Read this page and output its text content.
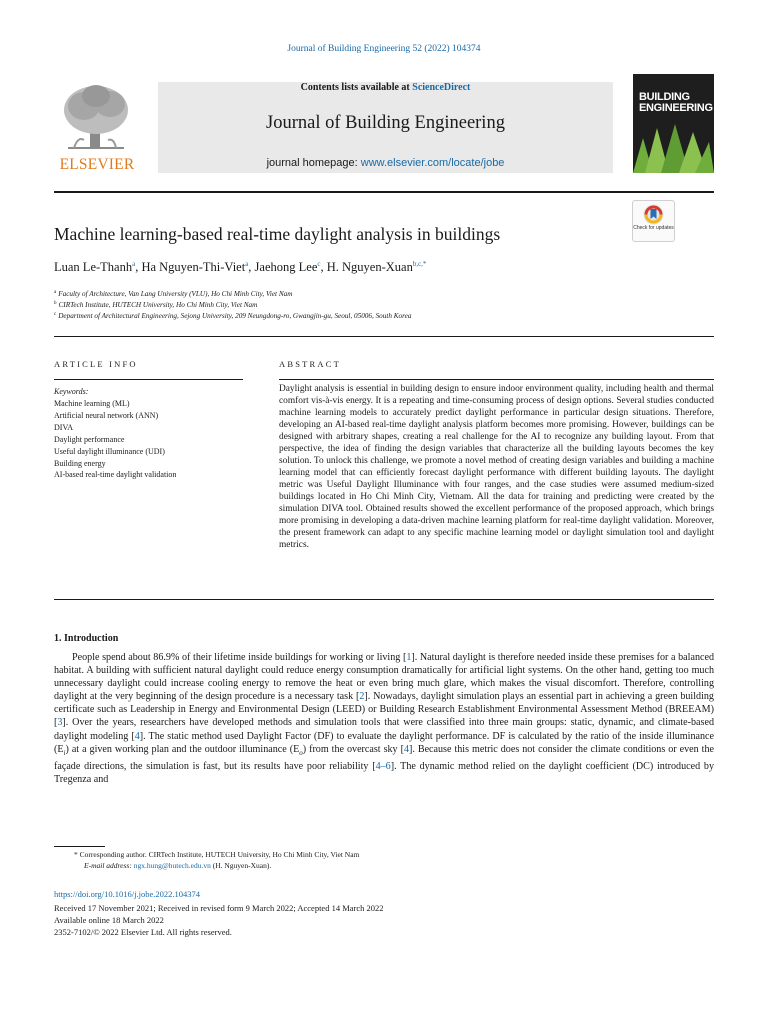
Journal of Building Engineering 52 (2022) 104374
Contents lists available at ScienceDirect
Journal of Building Engineering
journal homepage: www.elsevier.com/locate/jobe
ELSEVIER
BUILDING
ENGINEERING
Machine learning-based real-time daylight analysis in buildings	Check for updates
Luan Le-Thanh$^a$, Ha Nguyen-Thi-Viet$^a$, Jaehong Lee$^c$, H. Nguyen-Xuan$^{b,c,*}$
$^a$ Faculty of Architecture, Van Lang University (VLU), Ho Chi Minh City, Viet Nam
$^b$ CIRTech Institute, HUTECH University, Ho Chi Minh City, Viet Nam
$^c$ Department of Architectural Engineering, Sejong University, 209 Neungdong-ro, Gwangjin-gu, Seoul, 05006, South Korea
ARTICLE INFO	ABSTRACT
Keywords:
Machine learning (ML)
Artificial neural network (ANN)
DIVA
Daylight performance
Useful daylight illuminance (UDI)
Building energy
AI-based real-time daylight validation
Daylight analysis is essential in building design to ensure indoor environment quality, including health and thermal comfort vis-à-vis energy. It is a repeating and time-consuming process of design options. Several studies conducted machine learning models to accurately predict daylight performance in particular design situations. Therefore, developing an AI-based real-time daylight analysis platform becomes more promising. However, buildings can be designed with arbitrary shapes, creating a real challenge for the AI to recognize any building layout. From that perspective, the idea of finding the design variables that characterize all the building layouts becomes the key solution. To unlock this challenge, we promote a novel method of creating design variables and building a machine learning model that can efficiently forecast daylight performance with different building layouts. The daylight metric was Useful Daylight Illuminance with four ranges, and the case studies were assumed medium-sized buildings located in Ho Chi Minh City, Vietnam. All the data for training and predicting were created by the simulation DIVA tool. Obtained results showed the excellent performance of the proposed approach, which brings more promising in developing a data-driven machine learning platform for real-time daylight validation. Moreover, the present framework can adapt to any specific machine learning model or daylight simulation tool and daylight metrics.
1. Introduction
People spend about 86.9% of their lifetime inside buildings for working or living [1]. Natural daylight is therefore needed inside these premises for a balanced habitat. A building with sufficient natural daylight could reduce energy consumption dramatically for artificial light systems. On the other hand, getting too much unnecessary daylight could increase cooling energy to remove the heat or even bring much glare, which makes the visual discomfort. Therefore, controlling daylight at the very beginning of the design procedure is a necessary task [2]. Nowadays, daylight simulation plays an essential part in achieving a green building certificate such as Leadership in Energy and Environmental Design (LEED) or Building Research Establishment Environmental Assessment Method (BREEAM) [3]. Over the years, researchers have developed methods and simulation tools that were classified into three main groups: static, dynamic, and climate-based daylight modeling [4]. The static method used Daylight Factor (DF) to evaluate the daylight performance. DF is calculated by the ratio of the inside illuminance $(E_i)$ at a given working plan and the outdoor illuminance $(E_o)$ from the overcast sky [4]. Because this metric does not consider the climate conditions or even the façade directions, the simulation is fast, but its results have poor reliability [4–6]. The dynamic method relied on the daylight coefficient (DC) introduced by Tregenza and
* Corresponding author. CIRTech Institute, HUTECH University, Ho Chi Minh City, Viet Nam
E-mail address: ngx.hung@hutech.edu.vn (H. Nguyen-Xuan).
https://doi.org/10.1016/j.jobe.2022.104374
Received 17 November 2021; Received in revised form 9 March 2022; Accepted 14 March 2022
Available online 18 March 2022
2352-7102/© 2022 Elsevier Ltd. All rights reserved.
